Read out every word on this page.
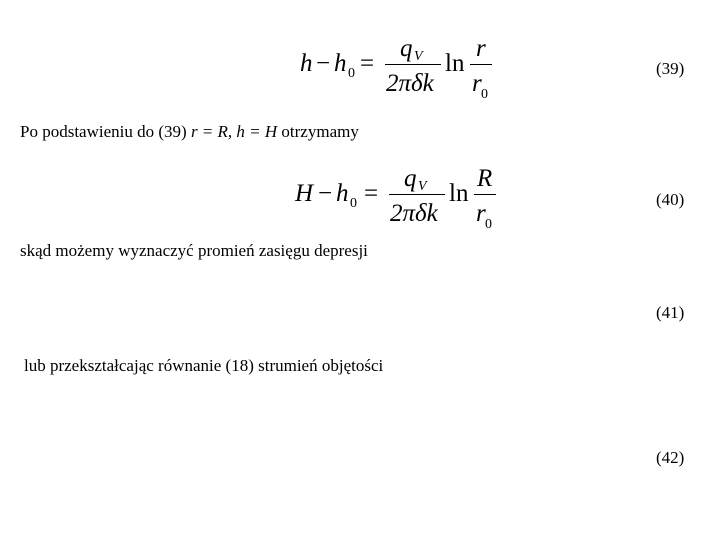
h − h 0 =
q V
2πδk
ln
r
r 0
(39)
Po podstawieniu do (39) r = R, h = H otrzymamy
H − h 0 =
q V
2πδk
ln
R
r 0
(40)
skąd możemy wyznaczyć promień zasięgu depresji
(41)
lub przekształcając równanie (18) strumień objętości
(42)
